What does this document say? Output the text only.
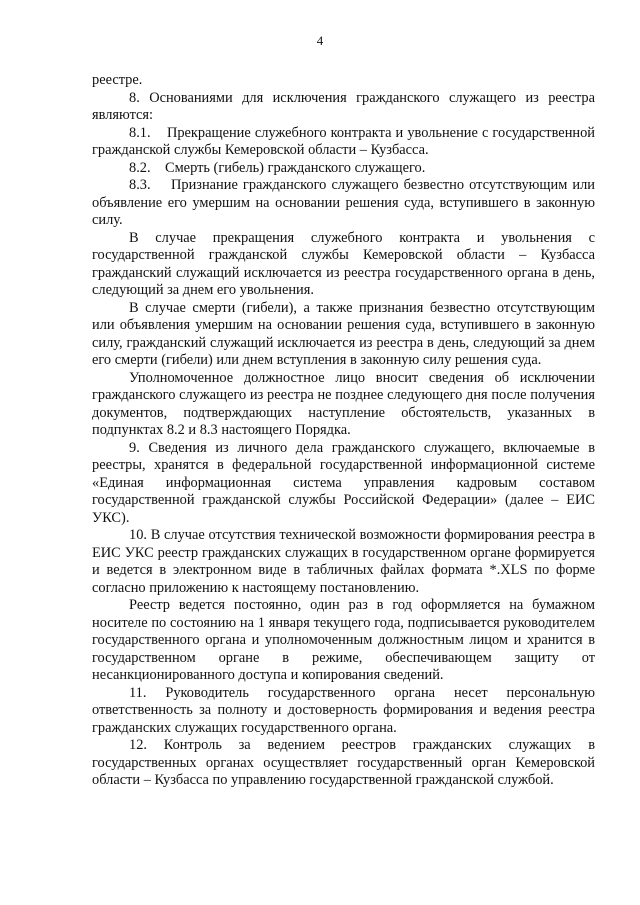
4

реестре.

8. Основаниями для исключения гражданского служащего из реестра являются:

8.1.    Прекращение служебного контракта и увольнение с государственной гражданской службы Кемеровской области – Кузбасса.

8.2.    Смерть (гибель) гражданского служащего.

8.3.    Признание гражданского служащего безвестно отсутствующим или объявление его умершим на основании решения суда, вступившего в законную силу.

В случае прекращения служебного контракта и увольнения с государственной гражданской службы Кемеровской области – Кузбасса гражданский служащий исключается из реестра государственного органа в день, следующий за днем его увольнения.

В случае смерти (гибели), а также признания безвестно отсутствующим или объявления умершим на основании решения суда, вступившего в законную силу, гражданский служащий исключается из реестра в день, следующий за днем его смерти (гибели) или днем вступления в законную силу решения суда.

Уполномоченное должностное лицо вносит сведения об исключении гражданского служащего из реестра не позднее следующего дня после получения документов, подтверждающих наступление обстоятельств, указанных в подпунктах 8.2 и 8.3 настоящего Порядка.

9. Сведения из личного дела гражданского служащего, включаемые в реестры, хранятся в федеральной государственной информационной системе «Единая информационная система управления кадровым составом государственной гражданской службы Российской Федерации» (далее – ЕИС УКС).

10. В случае отсутствия технической возможности формирования реестра в ЕИС УКС реестр гражданских служащих в государственном органе формируется и ведется в электронном виде в табличных файлах формата *.XLS по форме согласно приложению к настоящему постановлению.

Реестр ведется постоянно, один раз в год оформляется на бумажном носителе по состоянию на 1 января текущего года, подписывается руководителем государственного органа и уполномоченным должностным лицом и хранится в государственном органе в режиме, обеспечивающем защиту от несанкционированного доступа и копирования сведений.

11. Руководитель государственного органа несет персональную ответственность за полноту и достоверность формирования и ведения реестра гражданских служащих государственного органа.

12. Контроль за ведением реестров гражданских служащих в государственных органах осуществляет государственный орган Кемеровской области – Кузбасса по управлению государственной гражданской службой.
